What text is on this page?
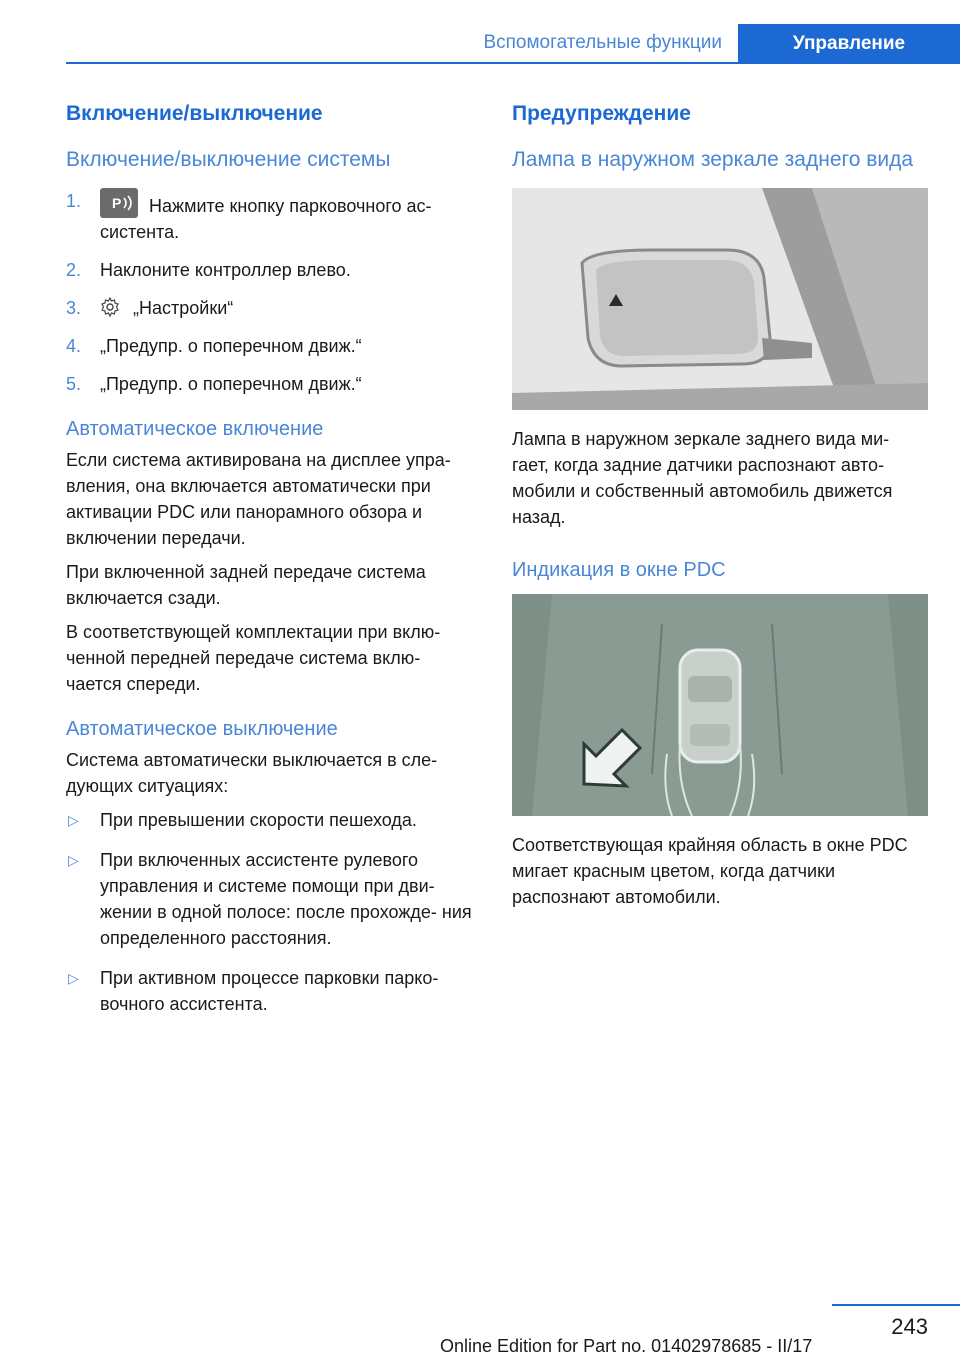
Вспомогательные функции	Управление
Включение/выключение
Включение/выключение системы
1. P Нажмите кнопку парковочного ас- систента.
2. Наклоните контроллер влево.
3.	„Настройки“
4. „Предупр. о поперечном движ.“
5. „Предупр. о поперечном движ.“
Автоматическое включение

Если система активирована на дисплее упра- вления, она включается автоматически при активации PDC или панорамного обзора и включении передачи.

При включенной задней передаче система включается сзади.

В соответствующей комплектации при вклю- ченной передней передаче система вклю- чается спереди.

Автоматическое выключение

Система автоматически выключается в сле- дующих ситуациях:

▷ При превышении скорости пешехода.
▷ При включенных ассистенте рулевого управления и системе помощи при дви- жении в одной полосе: после прохожде- ния определенного расстояния.
▷ При активном процессе парковки парко- вочного ассистента.
Предупреждение
Лампа в наружном зеркале заднего вида

Лампа в наружном зеркале заднего вида ми- гает, когда задние датчики распознают авто- мобили и собственный автомобиль движется назад.

Индикация в окне PDC

Соответствующая крайняя область в окне PDC мигает красным цветом, когда датчики распознают автомобили.

243
Online Edition for Part no. 01402978685 - II/17
